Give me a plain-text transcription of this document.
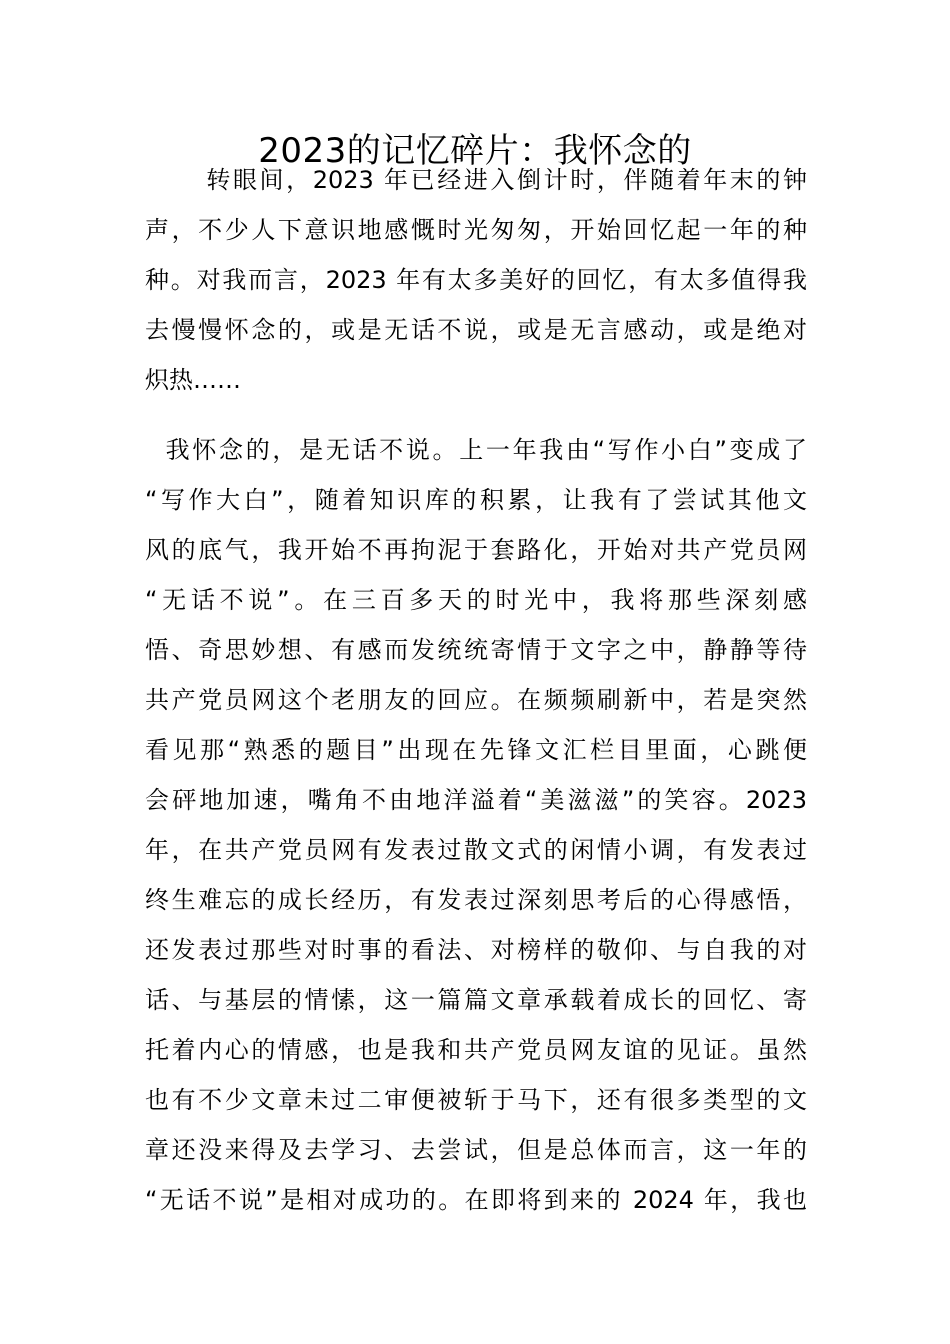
2023的记忆碎片：我怀念的
转眼间，2023 年已经进入倒计时，伴随着年末的钟
声，不少人下意识地感慨时光匆匆，开始回忆起一年的种
种。对我而言，2023 年有太多美好的回忆，有太多值得我
去慢慢怀念的，或是无话不说，或是无言感动，或是绝对
炽热……
我怀念的，是无话不说。上一年我由“写作小白”变成了
“写作大白”，随着知识库的积累，让我有了尝试其他文
风的底气，我开始不再拘泥于套路化，开始对共产党员网
“无话不说”。在三百多天的时光中，我将那些深刻感
悟、奇思妙想、有感而发统统寄情于文字之中，静静等待
共产党员网这个老朋友的回应。在频频刷新中，若是突然
看见那“熟悉的题目”出现在先锋文汇栏目里面，心跳便
会砰地加速，嘴角不由地洋溢着“美滋滋”的笑容。2023
年，在共产党员网有发表过散文式的闲情小调，有发表过
终生难忘的成长经历，有发表过深刻思考后的心得感悟，
还发表过那些对时事的看法、对榜样的敬仰、与自我的对
话、与基层的情愫，这一篇篇文章承载着成长的回忆、寄
托着内心的情感，也是我和共产党员网友谊的见证。虽然
也有不少文章未过二审便被斩于马下，还有很多类型的文
章还没来得及去学习、去尝试，但是总体而言，这一年的
“无话不说”是相对成功的。在即将到来的 2024 年，我也
